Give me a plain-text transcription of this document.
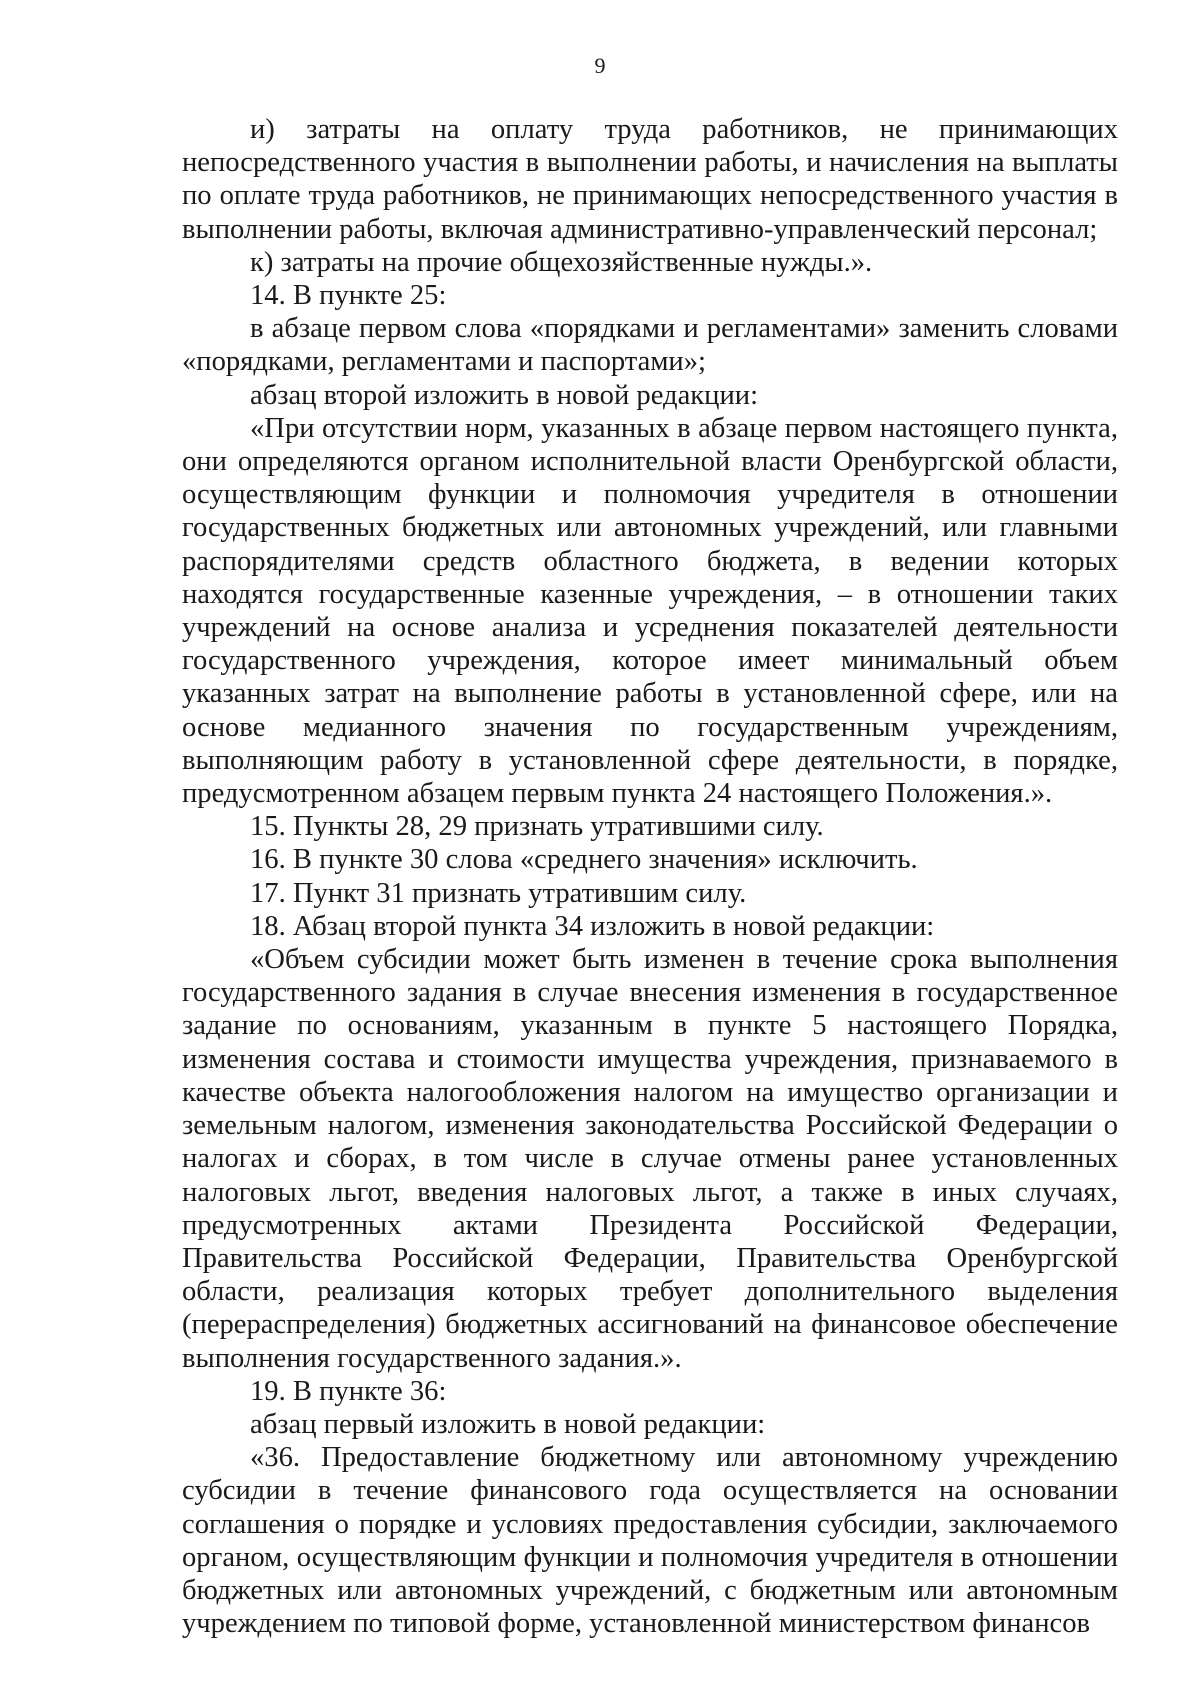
9

и) затраты на оплату труда работников, не принимающих непосредственного участия в выполнении работы, и начисления на выплаты по оплате труда работников, не принимающих непосредственного участия в выполнении работы, включая административно-управленческий персонал;

к) затраты на прочие общехозяйственные нужды.».

14. В пункте 25:

в абзаце первом слова «порядками и регламентами» заменить словами «порядками, регламентами и паспортами»;

абзац второй изложить в новой редакции:

«При отсутствии норм, указанных в абзаце первом настоящего пункта, они определяются органом исполнительной власти Оренбургской области, осуществляющим функции и полномочия учредителя в отношении государственных бюджетных или автономных учреждений, или главными распорядителями средств областного бюджета, в ведении которых находятся государственные казенные учреждения, – в отношении таких учреждений на основе анализа и усреднения показателей деятельности государственного учреждения, которое имеет минимальный объем указанных затрат на выполнение работы в установленной сфере, или на основе медианного значения по государственным учреждениям, выполняющим работу в установленной сфере деятельности, в порядке, предусмотренном абзацем первым пункта 24 настоящего Положения.».

15. Пункты 28, 29 признать утратившими силу.

16. В пункте 30 слова «среднего значения» исключить.

17. Пункт 31 признать утратившим силу.

18. Абзац второй пункта 34 изложить в новой редакции:

«Объем субсидии может быть изменен в течение срока выполнения государственного задания в случае внесения изменения в государственное задание по основаниям, указанным в пункте 5 настоящего Порядка, изменения состава и стоимости имущества учреждения, признаваемого в качестве объекта налогообложения налогом на имущество организации и земельным налогом, изменения законодательства Российской Федерации о налогах и сборах, в том числе в случае отмены ранее установленных налоговых льгот, введения налоговых льгот, а также в иных случаях, предусмотренных актами Президента Российской Федерации, Правительства Российской Федерации, Правительства Оренбургской области, реализация которых требует дополнительного выделения (перераспределения) бюджетных ассигнований на финансовое обеспечение выполнения государственного задания.».

19. В пункте 36:

абзац первый изложить в новой редакции:

«36. Предоставление бюджетному или автономному учреждению субсидии в течение финансового года осуществляется на основании соглашения о порядке и условиях предоставления субсидии, заключаемого органом, осуществляющим функции и полномочия учредителя в отношении бюджетных или автономных учреждений, с бюджетным или автономным учреждением по типовой форме, установленной министерством финансов
